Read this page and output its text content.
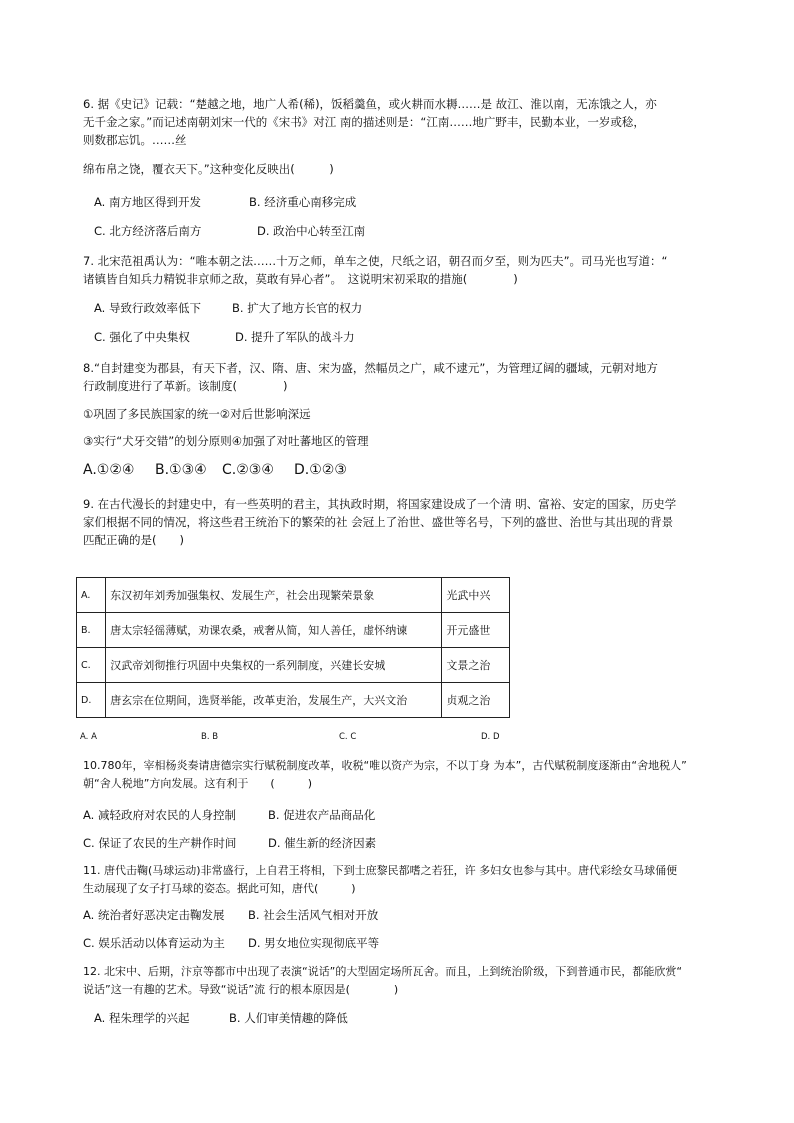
6. 据《史记》记载：“楚越之地，地广人希(稀)，饭稻羹鱼，或火耕而水耨……是 故江、淮以南，无冻饿之人，亦
无千金之家。”而记述南朝刘宋一代的《宋书》对江 南的描述则是：“江南……地广野丰，民勤本业，一岁或稔，
则数郡忘饥。……丝
绵布帛之饶，覆衣天下。”这种变化反映出(　　　)
A. 南方地区得到开发	B. 经济重心南移完成
C. 北方经济落后南方	D. 政治中心转至江南
7. 北宋范祖禹认为：“唯本朝之法……十万之师，单车之使，尺纸之诏，朝召而夕至，则为匹夫”。司马光也写道：“
诸镇皆自知兵力精锐非京师之敌，莫敢有异心者”。　这说明宋初采取的措施(　　　　)
A. 导致行政效率低下	B. 扩大了地方长官的权力
C. 强化了中央集权	D. 提升了军队的战斗力
8.“自封建变为郡县，有天下者，汉、隋、唐、宋为盛，然幅员之广，咸不逮元”，为管理辽阔的疆域，元朝对地方
行政制度进行了革新。该制度(　　　　)
①巩固了多民族国家的统一②对后世影响深远
③实行“犬牙交错”的划分原则④加强了对吐蕃地区的管理
A.①②④ B.①③④ C.②③④ D.①②③
9. 在古代漫长的封建史中，有一些英明的君主，其执政时期，将国家建设成了一个清 明、富裕、安定的国家，历史学
家们根据不同的情况，将这些君王统治下的繁荣的社 会冠上了治世、盛世等名号，下列的盛世、治世与其出现的背景
匹配正确的是(　　)
A.	东汉初年刘秀加强集权、发展生产，社会出现繁荣景象	光武中兴
B.	唐太宗轻徭薄赋，劝课农桑，戒奢从简，知人善任，虚怀纳谏	开元盛世
C.	汉武帝刘彻推行巩固中央集权的一系列制度，兴建长安城	文景之治
D.	唐玄宗在位期间，选贤举能，改革吏治，发展生产，大兴文治	贞观之治
A. A	B. B	C. C	D. D
10.780年，宰相杨炎奏请唐德宗实行赋税制度改革，收税“唯以资产为宗，不以丁身 为本”，古代赋税制度逐渐由“舍地税人”
朝“舍人税地”方向发展。这有利于　　(　　　)
A. 减轻政府对农民的人身控制	B. 促进农产品商品化
C. 保证了农民的生产耕作时间	D. 催生新的经济因素
11. 唐代击鞠(马球运动)非常盛行，上自君王将相，下到士庶黎民都嗜之若狂，许 多妇女也参与其中。唐代彩绘女马球俑便
生动展现了女子打马球的姿态。据此可知，唐代(　　　)
A. 统治者好恶决定击鞠发展 B. 社会生活风气相对开放
C. 娱乐活动以体育运动为主 D. 男女地位实现彻底平等
12. 北宋中、后期，汴京等都市中出现了表演“说话”的大型固定场所瓦舍。而且，上到统治阶级，下到普通市民，都能欣赏“
说话”这一有趣的艺术。导致“说话”流 行的根本原因是(　　　　)
A. 程朱理学的兴起	B. 人们审美情趣的降低
